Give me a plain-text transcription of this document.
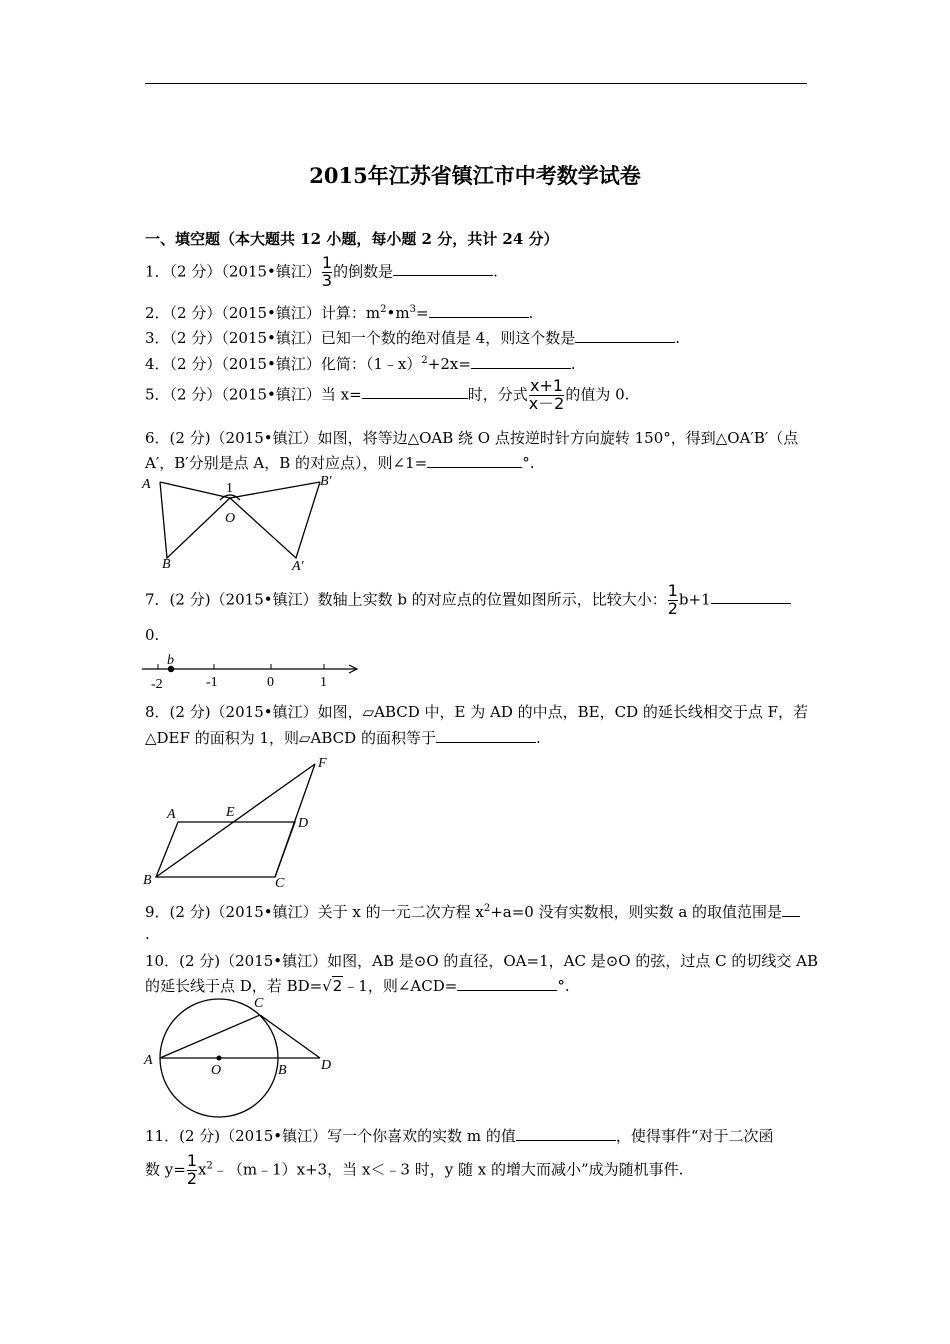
2015年江苏省镇江市中考数学试卷
一、填空题（本大题共 12 小题，每小题 2 分，共计 24 分）
1．（2 分）（2015•镇江） $\frac{1}{3}$ 的倒数是	.
2．（2 分）（2015•镇江）计算：$m^2•m^3=$	.
3．（2 分）（2015•镇江）已知一个数的绝对值是 4，则这个数是	.
4．（2 分）（2015•镇江）化简：（1﹣x）$^2$+2x=	.
5．（2 分）（2015•镇江）当 x=	时，分式 $\frac{x+1}{x-2}$ 的值为 0.
6．(2 分)（2015•镇江）如图，将等边△OAB 绕 O 点按逆时针方向旋转 150°，得到△OA′B′（点
A′，B′分别是点 A，B 的对应点），则∠1=	°.
A
B
O
1
A′
B′
7．(2 分)（2015•镇江）数轴上实数 b 的对应点的位置如图所示，比较大小： $\frac{1}{2} b+1$
0.
b
-2	-1	0	1
8．(2 分)（2015•镇江）如图，▱ABCD 中，E 为 AD 的中点，BE，CD 的延长线相交于点 F，若
△DEF 的面积为 1，则▱ABCD 的面积等于	.
A
B	C
D
E
F
9．(2 分)（2015•镇江）关于 x 的一元二次方程 $x^2+a=0$ 没有实数根，则实数 a 的取值范围是
.
10．(2 分)（2015•镇江）如图，AB 是⊙O 的直径，OA=1，AC 是⊙O 的弦，过点 C 的切线交 AB
的延长线于点 D，若 BD=√2﹣1，则∠ACD=	°.
A
B
C
D
O
11．(2 分)（2015•镇江）写一个你喜欢的实数 m 的值	，使得事件“对于二次函
数 $y= \frac{1}{2}$ $x^2﹣(m﹣1)x+3$，当 x＜﹣3 时，y 随 x 的增大而减小”成为随机事件.
